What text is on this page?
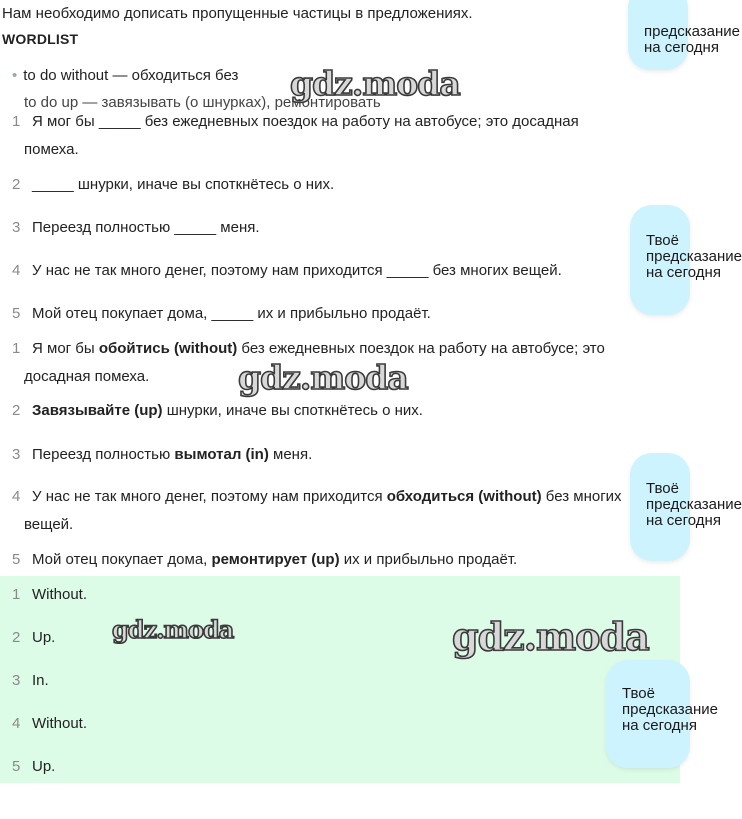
Нам необходимо дописать пропущенные частицы в предложениях.
WORDLIST
• to do without — обходиться без
to do up — завязывать (о шнурках), ремонтировать
1 Я мог бы _____ без ежедневных поездок на работу на автобусе; это досадная
помеха.
2 _____ шнурки, иначе вы споткнётесь о них.
3 Переезд полностью _____ меня.
4 У нас не так много денег, поэтому нам приходится _____ без многих вещей.
5 Мой отец покупает дома, _____ их и прибыльно продаёт.
1 Я мог бы обойтись (without) без ежедневных поездок на работу на автобусе; это
досадная помеха.
2 Завязывайте (up) шнурки, иначе вы споткнётесь о них.
3 Переезд полностью вымотал (in) меня.
4 У нас не так много денег, поэтому нам приходится обходиться (without) без многих
вещей.
5 Мой отец покупает дома, ремонтирует (up) их и прибыльно продаёт.
1 Without.
2 Up.
3 In.
4 Without.
5 Up.
gdz.moda
gdz.moda
gdz.moda	gdz.moda
предсказание
на сегодня
Твоё
предсказание
на сегодня
Твоё
предсказание
на сегодня
Твоё
предсказание
на сегодня
